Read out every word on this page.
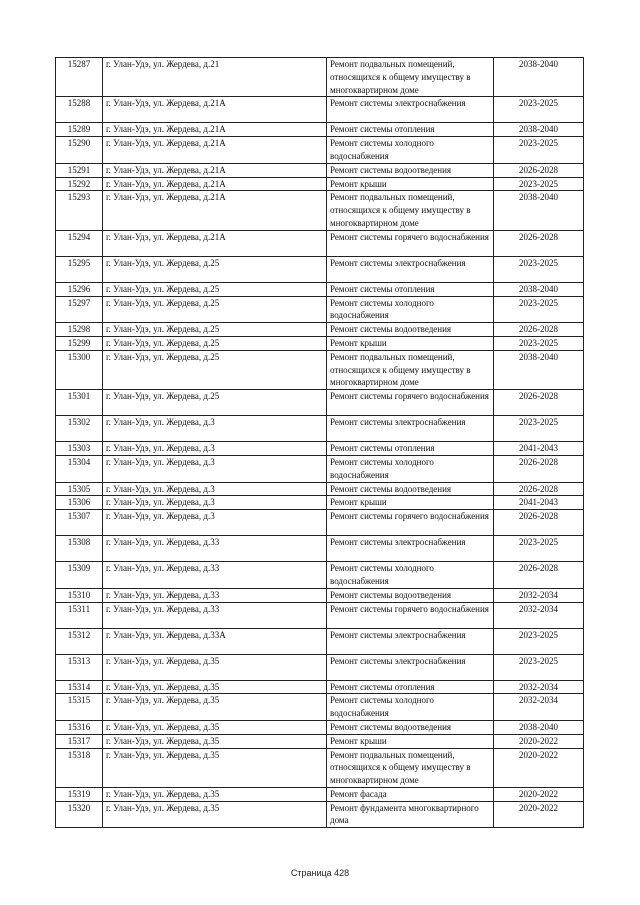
15287	г. Улан-Удэ, ул. Жердева, д.21	Ремонт подвальных помещений, относящихся к общему имуществу в многоквартирном доме	2038-2040
15288	г. Улан-Удэ, ул. Жердева, д.21А	Ремонт системы электроснабжения	2023-2025
15289	г. Улан-Удэ, ул. Жердева, д.21А	Ремонт системы отопления	2038-2040
15290	г. Улан-Удэ, ул. Жердева, д.21А	Ремонт системы холодного водоснабжения	2023-2025
15291	г. Улан-Удэ, ул. Жердева, д.21А	Ремонт системы водоотведения	2026-2028
15292	г. Улан-Удэ, ул. Жердева, д.21А	Ремонт крыши	2023-2025
15293	г. Улан-Удэ, ул. Жердева, д.21А	Ремонт подвальных помещений, относящихся к общему имуществу в многоквартирном доме	2038-2040
15294	г. Улан-Удэ, ул. Жердева, д.21А	Ремонт системы горячего водоснабжения	2026-2028
15295	г. Улан-Удэ, ул. Жердева, д.25	Ремонт системы электроснабжения	2023-2025
15296	г. Улан-Удэ, ул. Жердева, д.25	Ремонт системы отопления	2038-2040
15297	г. Улан-Удэ, ул. Жердева, д.25	Ремонт системы холодного водоснабжения	2023-2025
15298	г. Улан-Удэ, ул. Жердева, д.25	Ремонт системы водоотведения	2026-2028
15299	г. Улан-Удэ, ул. Жердева, д.25	Ремонт крыши	2023-2025
15300	г. Улан-Удэ, ул. Жердева, д.25	Ремонт подвальных помещений, относящихся к общему имуществу в многоквартирном доме	2038-2040
15301	г. Улан-Удэ, ул. Жердева, д.25	Ремонт системы горячего водоснабжения	2026-2028
15302	г. Улан-Удэ, ул. Жердева, д.3	Ремонт системы электроснабжения	2023-2025
15303	г. Улан-Удэ, ул. Жердева, д.3	Ремонт системы отопления	2041-2043
15304	г. Улан-Удэ, ул. Жердева, д.3	Ремонт системы холодного водоснабжения	2026-2028
15305	г. Улан-Удэ, ул. Жердева, д.3	Ремонт системы водоотведения	2026-2028
15306	г. Улан-Удэ, ул. Жердева, д.3	Ремонт крыши	2041-2043
15307	г. Улан-Удэ, ул. Жердева, д.3	Ремонт системы горячего водоснабжения	2026-2028
15308	г. Улан-Удэ, ул. Жердева, д.33	Ремонт системы электроснабжения	2023-2025
15309	г. Улан-Удэ, ул. Жердева, д.33	Ремонт системы холодного водоснабжения	2026-2028
15310	г. Улан-Удэ, ул. Жердева, д.33	Ремонт системы водоотведения	2032-2034
15311	г. Улан-Удэ, ул. Жердева, д.33	Ремонт системы горячего водоснабжения	2032-2034
15312	г. Улан-Удэ, ул. Жердева, д.33А	Ремонт системы электроснабжения	2023-2025
15313	г. Улан-Удэ, ул. Жердева, д.35	Ремонт системы электроснабжения	2023-2025
15314	г. Улан-Удэ, ул. Жердева, д.35	Ремонт системы отопления	2032-2034
15315	г. Улан-Удэ, ул. Жердева, д.35	Ремонт системы холодного водоснабжения	2032-2034
15316	г. Улан-Удэ, ул. Жердева, д.35	Ремонт системы водоотведения	2038-2040
15317	г. Улан-Удэ, ул. Жердева, д.35	Ремонт крыши	2020-2022
15318	г. Улан-Удэ, ул. Жердева, д.35	Ремонт подвальных помещений, относящихся к общему имуществу в многоквартирном доме	2020-2022
15319	г. Улан-Удэ, ул. Жердева, д.35	Ремонт фасада	2020-2022
15320	г. Улан-Удэ, ул. Жердева, д.35	Ремонт фундамента многоквартирного дома	2020-2022
Страница 428
